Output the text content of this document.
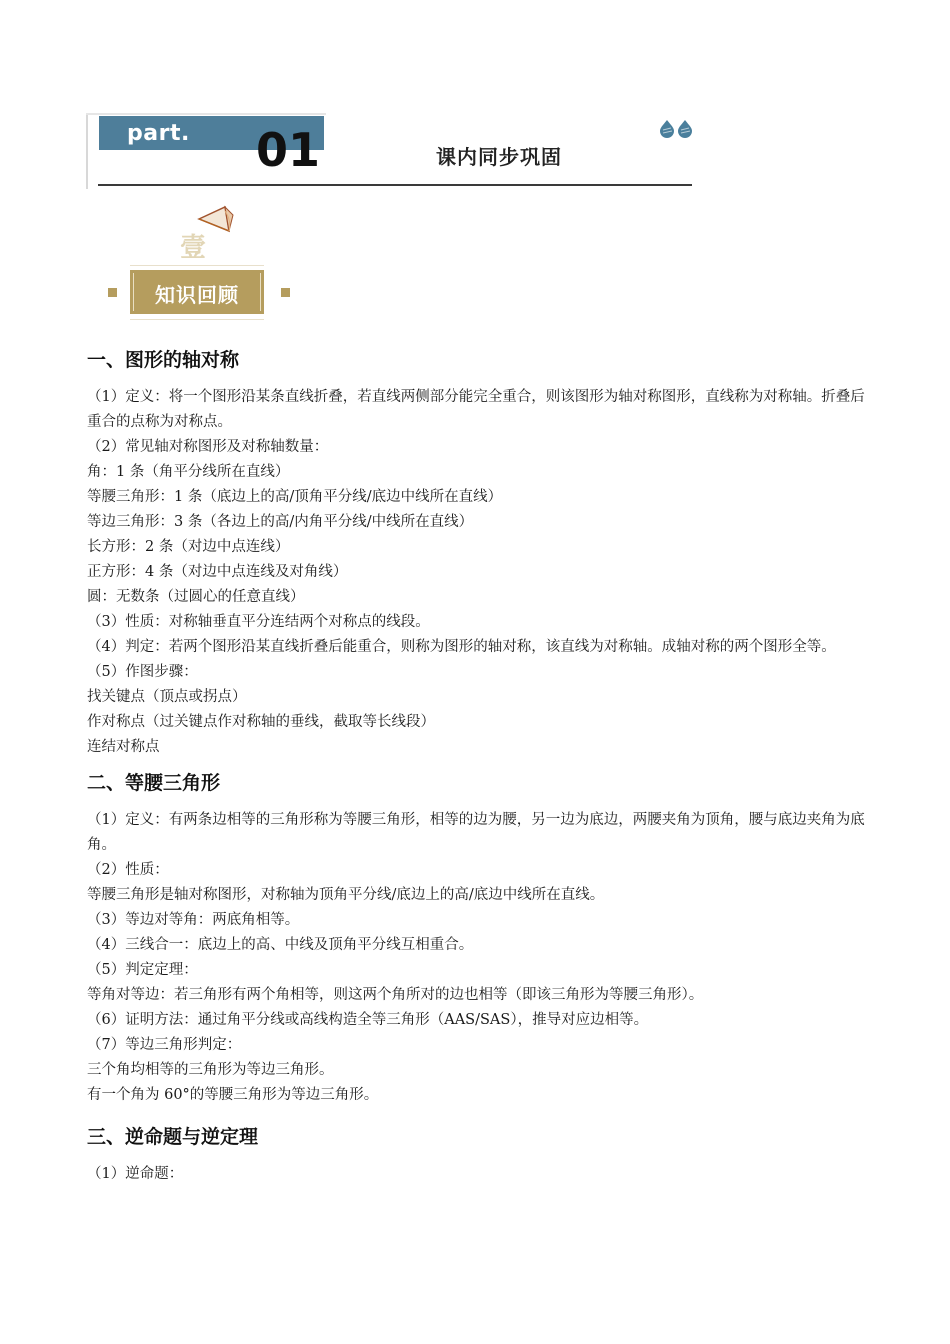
part. 01	课内同步巩固
壹
知识回顾
一、图形的轴对称

（1）定义：将一个图形沿某条直线折叠，若直线两侧部分能完全重合，则该图形为轴对称图形，直线称为对称轴。折叠后重合的点称为对称点。

（2）常见轴对称图形及对称轴数量：

角：1 条（角平分线所在直线）

等腰三角形：1 条（底边上的高/顶角平分线/底边中线所在直线）

等边三角形：3 条（各边上的高/内角平分线/中线所在直线）

长方形：2 条（对边中点连线）

正方形：4 条（对边中点连线及对角线）

圆：无数条（过圆心的任意直线）

（3）性质：对称轴垂直平分连结两个对称点的线段。

（4）判定：若两个图形沿某直线折叠后能重合，则称为图形的轴对称，该直线为对称轴。成轴对称的两个图形全等。

（5）作图步骤：

找关键点（顶点或拐点）

作对称点（过关键点作对称轴的垂线，截取等长线段）

连结对称点

二、等腰三角形

（1）定义：有两条边相等的三角形称为等腰三角形，相等的边为腰，另一边为底边，两腰夹角为顶角，腰与底边夹角为底角。

（2）性质：

等腰三角形是轴对称图形，对称轴为顶角平分线/底边上的高/底边中线所在直线。

（3）等边对等角：两底角相等。

（4）三线合一：底边上的高、中线及顶角平分线互相重合。

（5）判定定理：

等角对等边：若三角形有两个角相等，则这两个角所对的边也相等（即该三角形为等腰三角形）。

（6）证明方法：通过角平分线或高线构造全等三角形（AAS/SAS），推导对应边相等。

（7）等边三角形判定：

三个角均相等的三角形为等边三角形。

有一个角为 60°的等腰三角形为等边三角形。

三、逆命题与逆定理

（1）逆命题：
